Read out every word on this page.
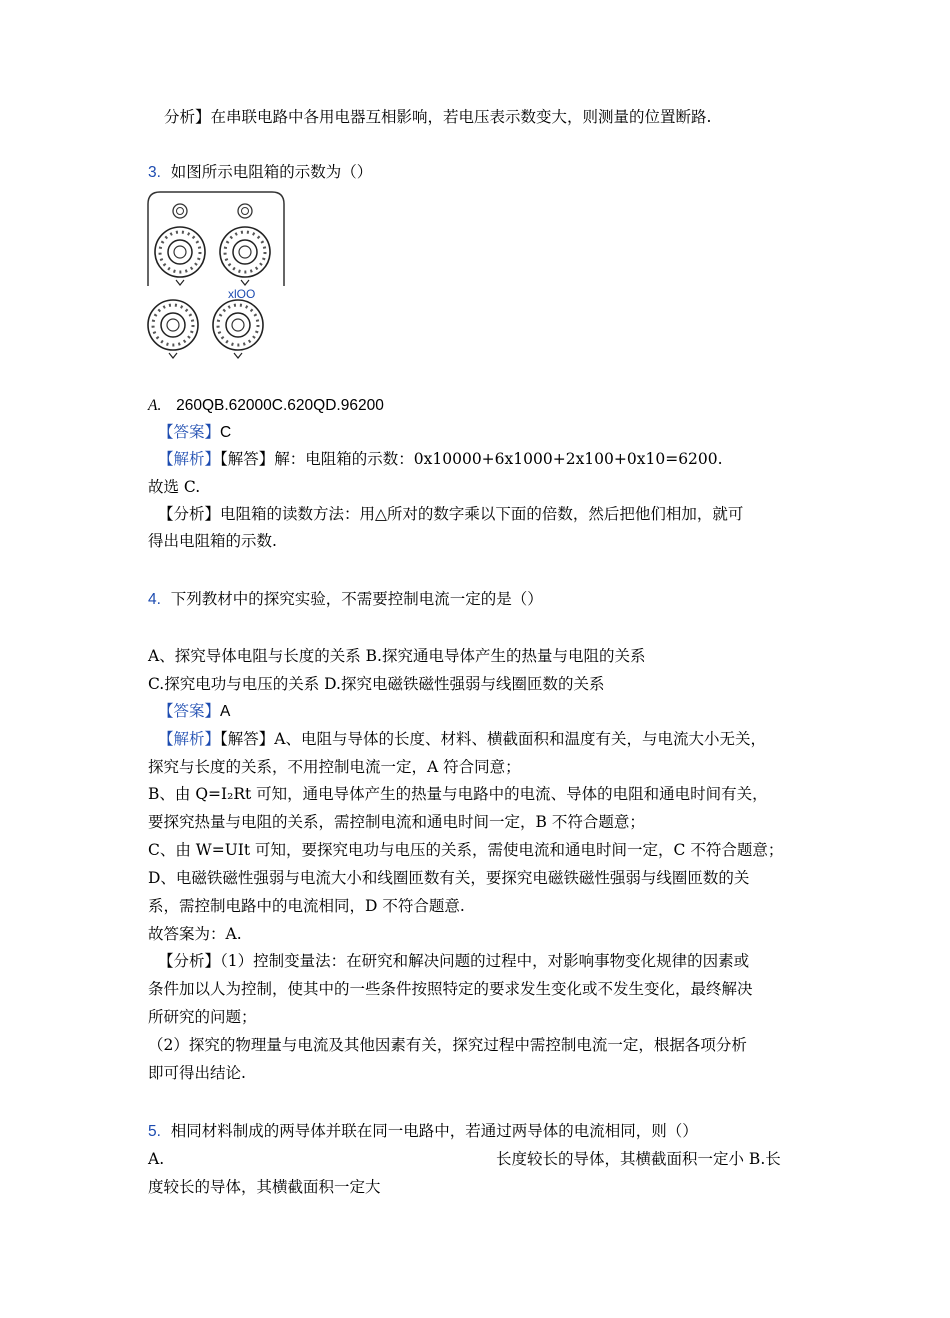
分析】在串联电路中各用电器互相影响，若电压表示数变大，则测量的位置断路.
3. 如图所示电阻箱的示数为（）
xlOO
A. 260QB.62000C.620QD.96200
【答案】C
【解析】【解答】解：电阻箱的示数：0x10000+6x1000+2x100+0x10=6200.
故选 C.
【分析】电阻箱的读数方法：用△所对的数字乘以下面的倍数，然后把他们相加，就可
得出电阻箱的示数.
4. 下列教材中的探究实验，不需要控制电流一定的是（）
A、探究导体电阻与长度的关系 B.探究通电导体产生的热量与电阻的关系
C.探究电功与电压的关系 D.探究电磁铁磁性强弱与线圈匝数的关系
【答案】A
【解析】【解答】A、电阻与导体的长度、材料、横截面积和温度有关，与电流大小无关，
探究与长度的关系，不用控制电流一定，A 符合同意；
B、由 Q=I₂Rt 可知，通电导体产生的热量与电路中的电流、导体的电阻和通电时间有关，
要探究热量与电阻的关系，需控制电流和通电时间一定，B 不符合题意；
C、由 W=UIt 可知，要探究电功与电压的关系，需使电流和通电时间一定，C 不符合题意；
D、电磁铁磁性强弱与电流大小和线圈匝数有关，要探究电磁铁磁性强弱与线圈匝数的关
系，需控制电路中的电流相同，D 不符合题意.
故答案为：A.
【分析】（1）控制变量法：在研究和解决问题的过程中，对影响事物变化规律的因素或
条件加以人为控制，使其中的一些条件按照特定的要求发生变化或不发生变化，最终解决
所研究的问题；
（2）探究的物理量与电流及其他因素有关，探究过程中需控制电流一定，根据各项分析
即可得出结论.
5. 相同材料制成的两导体并联在同一电路中，若通过两导体的电流相同，则（）
A.	长度较长的导体，其横截面积一定小 B.长
度较长的导体，其横截面积一定大
